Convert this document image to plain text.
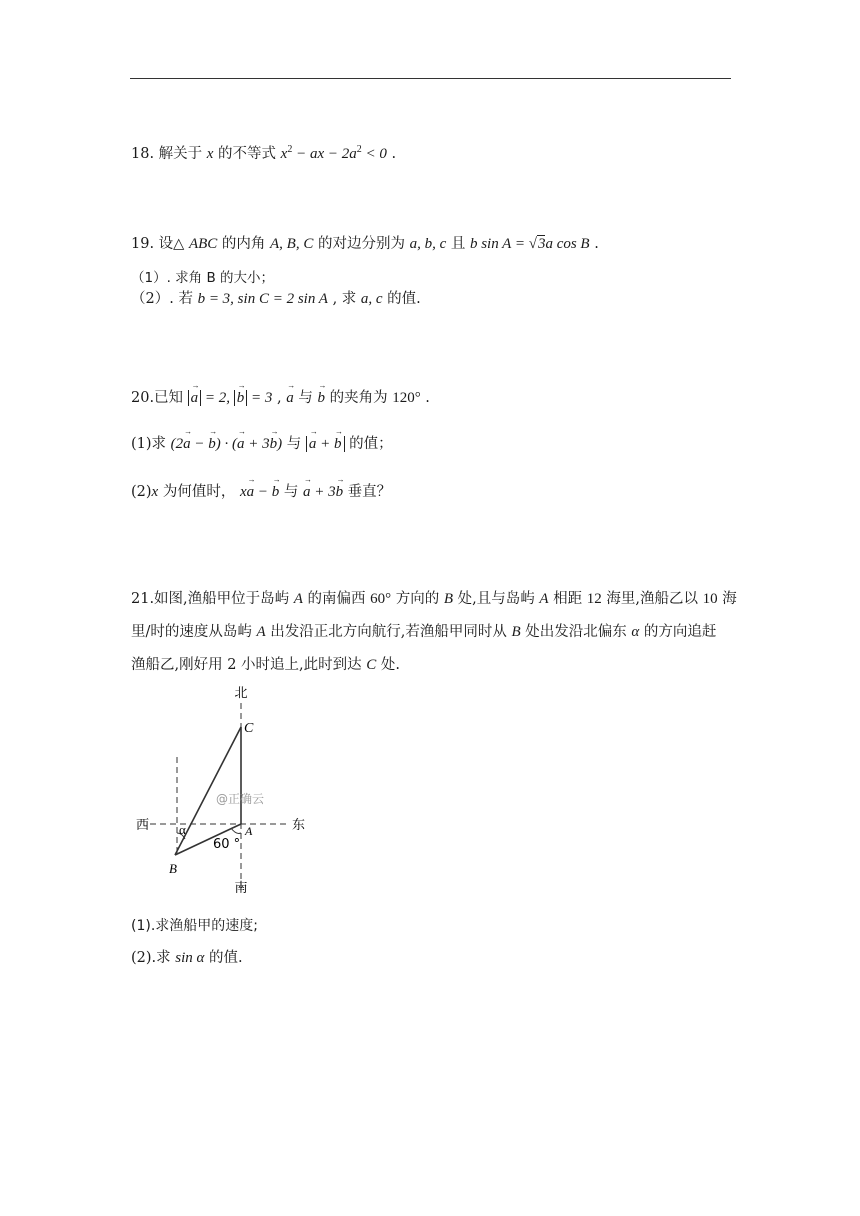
18. 解关于 x 的不等式 $x^2$ − ax − $2a^2 < 0$ .
19. 设△ ABC 的内角 A, B, C 的对边分别为 a, b, c 且 b sin A = √3a cos B .
（1）. 求角 B 的大小；
（2）. 若 b = 3, sin C = 2 sin A , 求 a, c 的值.
20.已知 → a = 2, → b = 3 , → a 与 → b 的夹角为 120° .
(1)求 (2→ a − → b) · (→ a + 3→ b) 与 → a + → b 的值；
(2)x 为何值时， x→ a − → b 与 → a + 3→ b 垂直？
21.如图,渔船甲位于岛屿 A 的南偏西 60° 方向的 B 处,且与岛屿 A 相距 12 海里,渔船乙以 10 海
里/时的速度从岛屿 A 出发沿正北方向航行,若渔船甲同时从 B 处出发沿北偏东 α 的方向追赶
渔船乙,刚好用 2 小时追上,此时到达 C 处.
北
南
西	东
C
A
B
α
60 °
@正确云
(1).求渔船甲的速度;
(2).求 sin α 的值.
